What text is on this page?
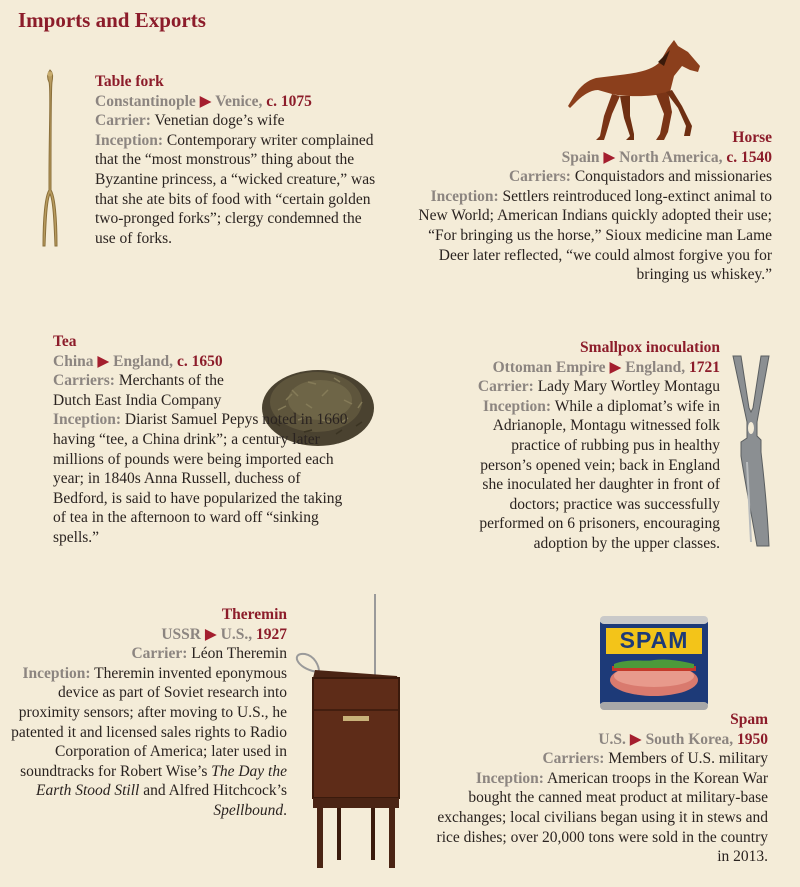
Imports and Exports
Table fork
Constantinople ▶ Venice, c. 1075
Carrier: Venetian doge’s wife
Inception: Contemporary writer complained that the “most monstrous” thing about the Byzantine princess, a “wicked creature,” was that she ate bits of food with “certain golden two-pronged forks”; clergy condemned the use of forks.
Horse
Spain ▶ North America, c. 1540
Carriers: Conquistadors and missionaries
Inception: Settlers reintroduced long-extinct animal to New World; American Indians quickly adopted their use; “For bringing us the horse,” Sioux medicine man Lame Deer later reflected, “we could almost forgive you for bringing us whiskey.”
Tea
China ▶ England, c. 1650
Carriers: Merchants of the Dutch East India Company
Inception: Diarist Samuel Pepys noted in 1660 having “tee, a China drink”; a century later millions of pounds were being imported each year; in 1840s Anna Russell, duchess of Bedford, is said to have popularized the taking of tea in the afternoon to ward off “sinking spells.”
Smallpox inoculation
Ottoman Empire ▶ England, 1721
Carrier: Lady Mary Wortley Montagu

Inception: While a diplomat’s wife in Adrianople, Montagu witnessed folk practice of rubbing pus in healthy person’s opened vein; back in England she inoculated her daughter in front of doctors; practice was successfully performed on 6 prisoners, encouraging adoption by the upper classes.
Theremin
USSR ▶ U.S., 1927
Carrier: Léon Theremin
Inception: Theremin invented eponymous device as part of Soviet research into proximity sensors; after moving to U.S., he patented it and licensed sales rights to Radio Corporation of America; later used in soundtracks for Robert Wise’s The Day the Earth Stood Still and Alfred Hitchcock’s Spellbound.
SPAM
Spam
U.S. ▶ South Korea, 1950
Carriers: Members of U.S. military
Inception: American troops in the Korean War bought the canned meat product at military-base exchanges; local civilians began using it in stews and rice dishes; over 20,000 tons were sold in the country in 2013.
